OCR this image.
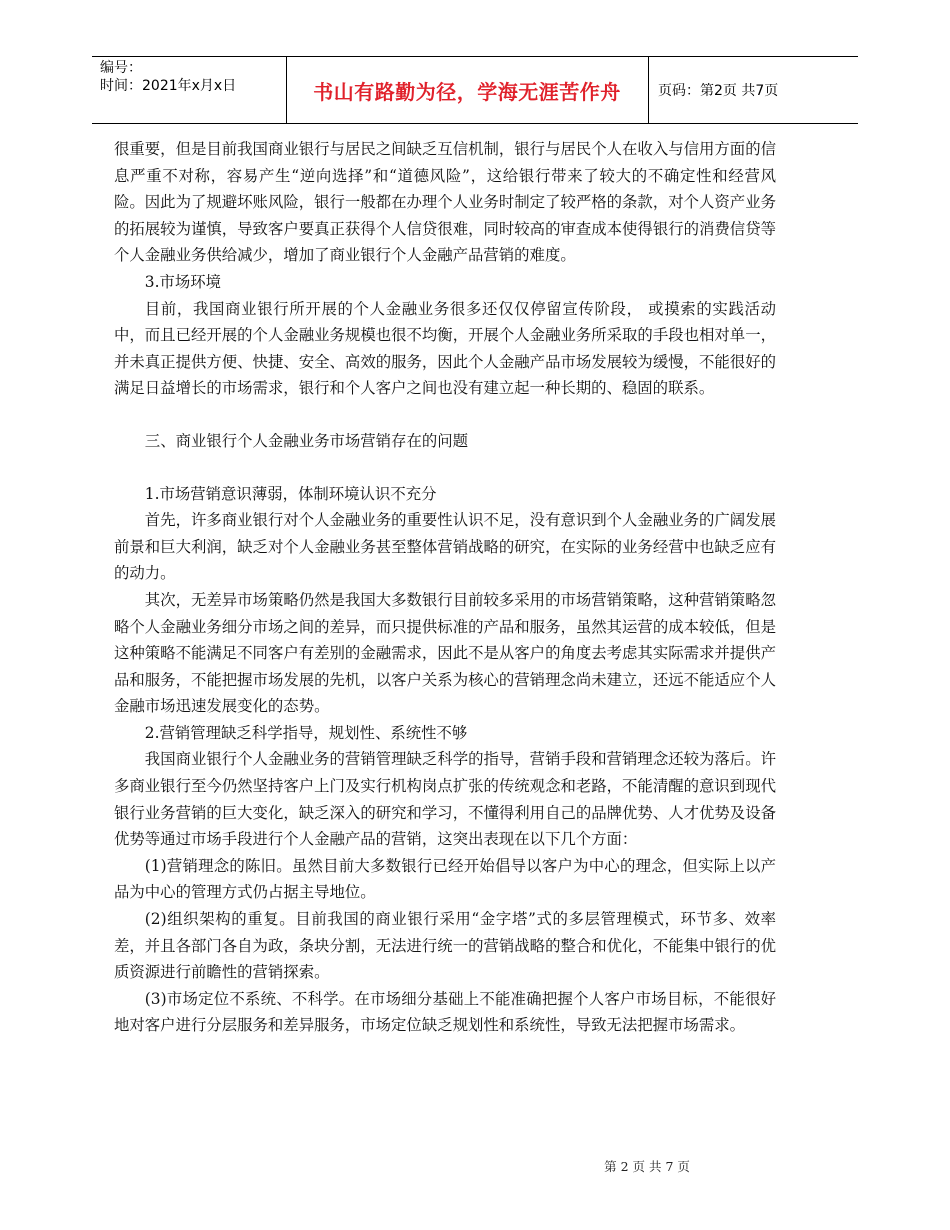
编号：
时间：2021年x月x日	书山有路勤为径，学海无涯苦作舟	页码：第2页 共7页

很重要，但是目前我国商业银行与居民之间缺乏互信机制，银行与居民个人在收入与信用方面的信息严重不对称，容易产生“逆向选择”和“道德风险”，这给银行带来了较大的不确定性和经营风险。因此为了规避坏账风险，银行一般都在办理个人业务时制定了较严格的条款，对个人资产业务的拓展较为谨慎，导致客户要真正获得个人信贷很难，同时较高的审查成本使得银行的消费信贷等个人金融业务供给减少，增加了商业银行个人金融产品营销的难度。

3.市场环境

目前，我国商业银行所开展的个人金融业务很多还仅仅停留宣传阶段， 或摸索的实践活动中，而且已经开展的个人金融业务规模也很不均衡，开展个人金融业务所采取的手段也相对单一，并未真正提供方便、快捷、安全、高效的服务，因此个人金融产品市场发展较为缓慢，不能很好的满足日益增长的市场需求，银行和个人客户之间也没有建立起一种长期的、稳固的联系。

三、商业银行个人金融业务市场营销存在的问题

1.市场营销意识薄弱，体制环境认识不充分

首先，许多商业银行对个人金融业务的重要性认识不足，没有意识到个人金融业务的广阔发展前景和巨大利润，缺乏对个人金融业务甚至整体营销战略的研究，在实际的业务经营中也缺乏应有的动力。

其次，无差异市场策略仍然是我国大多数银行目前较多采用的市场营销策略，这种营销策略忽略个人金融业务细分市场之间的差异，而只提供标准的产品和服务，虽然其运营的成本较低，但是这种策略不能满足不同客户有差别的金融需求，因此不是从客户的角度去考虑其实际需求并提供产品和服务，不能把握市场发展的先机，以客户关系为核心的营销理念尚未建立，还远不能适应个人金融市场迅速发展变化的态势。

2.营销管理缺乏科学指导，规划性、系统性不够

我国商业银行个人金融业务的营销管理缺乏科学的指导，营销手段和营销理念还较为落后。许多商业银行至今仍然坚持客户上门及实行机构岗点扩张的传统观念和老路，不能清醒的意识到现代银行业务营销的巨大变化，缺乏深入的研究和学习，不懂得利用自己的品牌优势、人才优势及设备优势等通过市场手段进行个人金融产品的营销，这突出表现在以下几个方面：

(1)营销理念的陈旧。虽然目前大多数银行已经开始倡导以客户为中心的理念，但实际上以产品为中心的管理方式仍占据主导地位。

(2)组织架构的重复。目前我国的商业银行采用“金字塔”式的多层管理模式，环节多、效率差，并且各部门各自为政，条块分割，无法进行统一的营销战略的整合和优化，不能集中银行的优质资源进行前瞻性的营销探索。

(3)市场定位不系统、不科学。在市场细分基础上不能准确把握个人客户市场目标，不能很好地对客户进行分层服务和差异服务，市场定位缺乏规划性和系统性，导致无法把握市场需求。

第 2 页 共 7 页
